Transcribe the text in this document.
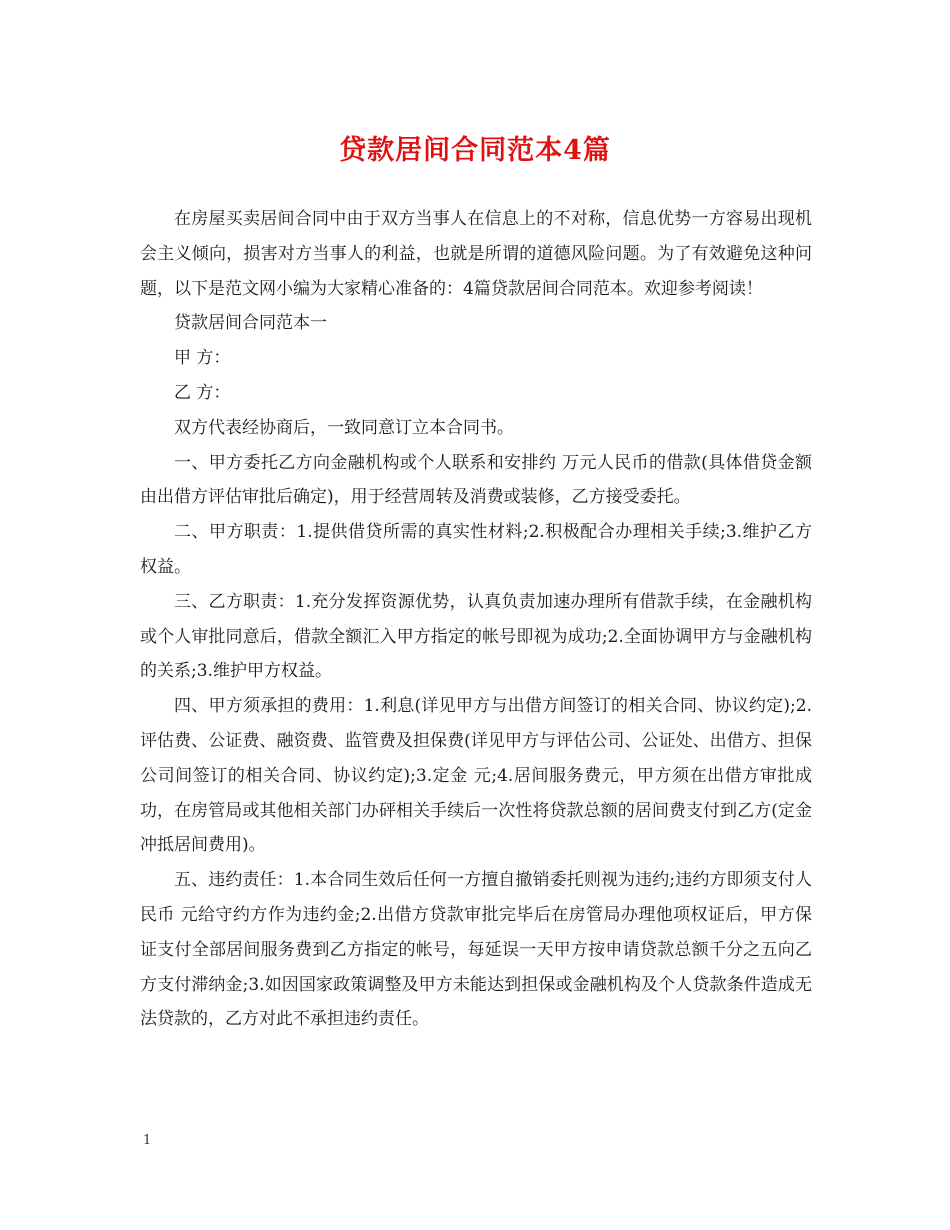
贷款居间合同范本4篇

在房屋买卖居间合同中由于双方当事人在信息上的不对称，信息优势一方容易出现机会主义倾向，损害对方当事人的利益，也就是所谓的道德风险问题。为了有效避免这种问题，以下是范文网小编为大家精心准备的：4篇贷款居间合同范本。欢迎参考阅读！

贷款居间合同范本一

甲 方：

乙 方：

双方代表经协商后，一致同意订立本合同书。

一、甲方委托乙方向金融机构或个人联系和安排约 万元人民币的借款(具体借贷金额由出借方评估审批后确定)，用于经营周转及消费或装修，乙方接受委托。

二、甲方职责：1.提供借贷所需的真实性材料;2.积极配合办理相关手续;3.维护乙方权益。

三、乙方职责：1.充分发挥资源优势，认真负责加速办理所有借款手续，在金融机构或个人审批同意后，借款全额汇入甲方指定的帐号即视为成功;2.全面协调甲方与金融机构的关系;3.维护甲方权益。

四、甲方须承担的费用：1.利息(详见甲方与出借方间签订的相关合同、协议约定);2.评估费、公证费、融资费、监管费及担保费(详见甲方与评估公司、公证处、出借方、担保公司间签订的相关合同、协议约定);3.定金 元;4.居间服务费元，甲方须在出借方审批成功，在房管局或其他相关部门办砰相关手续后一次性将贷款总额的居间费支付到乙方(定金冲抵居间费用)。

五、违约责任：1.本合同生效后任何一方擅自撤销委托则视为违约;违约方即须支付人民币 元给守约方作为违约金;2.出借方贷款审批完毕后在房管局办理他项权证后，甲方保证支付全部居间服务费到乙方指定的帐号，每延误一天甲方按申请贷款总额千分之五向乙方支付滞纳金;3.如因国家政策调整及甲方未能达到担保或金融机构及个人贷款条件造成无法贷款的，乙方对此不承担违约责任。

1
